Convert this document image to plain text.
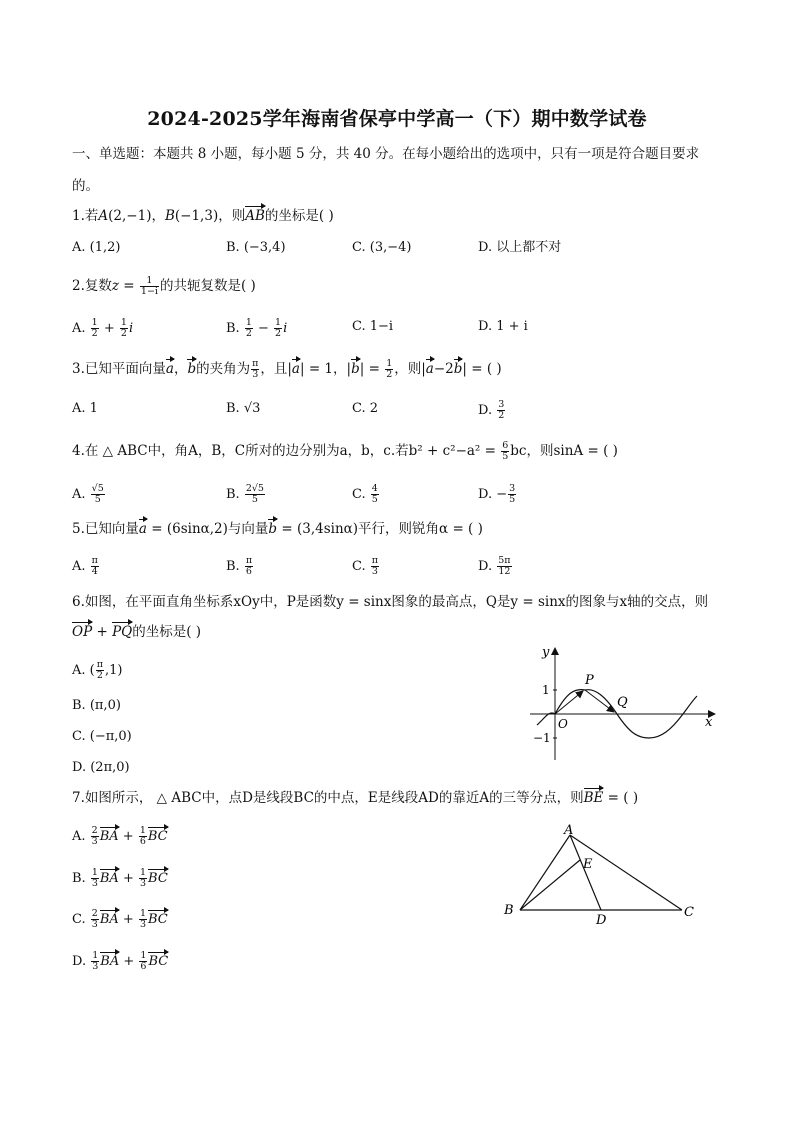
2024-2025学年海南省保亭中学高一（下）期中数学试卷
一、单选题：本题共 8 小题，每小题 5 分，共 40 分。在每小题给出的选项中，只有一项是符合题目要求
的。
1.若A(2,−1)，B(−1,3)，则AB的坐标是( )
A. (1,2)	B. (−3,4)	C. (3,−4)	D. 以上都不对
2.复数$z = \frac{1}{1-i}$ 的共轭复数是( )
A. $\frac{1}{2} + \frac{1}{2}$ i	B. $\frac{1}{2} - \frac{1}{2}$ i	C. 1−i	D. 1 + i
3.已知平面向量a，b的夹角为 $\frac{\pi}{3}$ ，且|a| = 1，$|b| = \frac{1}{2}$ ，则|a−2b| = ( )
A. 1	B. √3	C. 2	D. $\frac{3}{2}$
4.在 △ ABC中，角A，B，C所对的边分别为a，b，c.若$b^2 + c^2-a^2 = \frac{6}{5}$ bc，则sinA = ( )
A. $\frac{√5}{5}$	B. $\frac{2√5}{5}$	C. $\frac{4}{5}$	D. − $\frac{3}{5}$
5.已知向量a = (6sinα,2)与向量b = (3,4sinα)平行，则锐角α = ( )
A. $\frac{\pi}{4}$	B. $\frac{\pi}{6}$	C. $\frac{\pi}{3}$	D. $\frac{5\pi}{12}$
6.如图，在平面直角坐标系xOy中，P是函数y = sinx图象的最高点，Q是y = sinx的图象与x轴的交点，则
OP + PQ的坐标是( )
A. ( $\frac{\pi}{2} ,1$)
B. (π,0)
C. (−π,0)
D. (2π,0)
y
x
1
−1
O
P
Q
7.如图所示， △ ABC中，点D是线段BC的中点，E是线段AD的靠近A的三等分点，则BE = ( )
A. $\frac{2}{3}$ BA + $\frac{1}{6}$ BC
B. $\frac{1}{3}$ BA + $\frac{1}{3}$ BC
C. $\frac{2}{3}$ BA + $\frac{1}{3}$ BC
D. $\frac{1}{3}$ BA + $\frac{1}{6}$ BC
A
B	C
D
E
